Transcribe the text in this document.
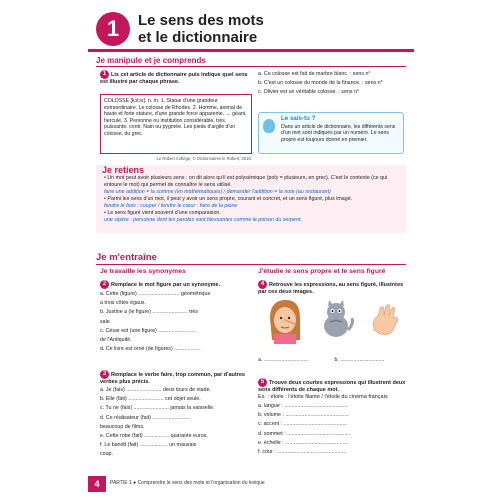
1	Le sens des mots
et le dictionnaire
Je manipule et je comprends
1 Lis cet article de dictionnaire puis indique quel sens est illustré par chaque phrase.
COLOSSE [kɔlɔs]. n. m. 1. Statue d'une grandeur extraordinaire. Le colosse de Rhodes. 2. Homme, animal de haute et forte stature, d'une grande force apparente. → géant, hercule. 3. Personne ou institution considérable, très puissante. contr. Nain ou pygmée. Les pieds d'argile d'un colosse, du grec.
Le Robert Collège, © Dictionnaires le Robert, 2016.
a. Ce colosse est fait de marbre blanc. : sens n°
b. C'est un colosse du monde de la finance. : sens n°
c. Olivier est un véritable colosse. : sens n°
Le sais-tu ?
Dans un article de dictionnaire, les différents sens d'un mot sont indiqués par un numéro. Le sens propre est toujours donné en premier.
Je retiens
• Un mot peut avoir plusieurs sens : on dit alors qu'il est polysémique (poly = plusieurs, en grec). C'est le contexte (ce qui entoure le mot) qui permet de connaître le sens utilisé.
faire une addition = la somme (en mathématiques) / demander l'addition = la note (au restaurant)
• Parmi les sens d'un mot, il peut y avoir un sens propre, courant et concret, et un sens figuré, plus imagé.
fendre le bois : couper / fendre le cœur : faire de la peine
• Le sens figuré vient souvent d'une comparaison.
une vipère : personne dont les paroles sont blessantes comme le poison du serpent.
Je m'entraîne
Je travaille les synonymes
2 Remplace le mot figure par un synonyme.
a. Cette (figure) ............................ géométrique
a trois côtés égaux.
b. Justine a (le figure) ........................ très
sale.
c. César est (une figure) ..........................
de l'Antiquité.
d. Ce livre est orné (de figures) ..................
3 Remplace le verbe faire, trop commun, par d'autres verbes plus précis.
a. Je (fais) ........................ deux tours de stade.
b. Elle (fait) ........................ cet objet seule.
c. Tu ne (fais) ........................ jamais la vaisselle.
d. Ce réalisateur (fait) ..........................
beaucoup de films.
e. Cette robe (fait) ................. quarante euros.
f. Le bandit (fait) ................... un mauvais
coup.
J'étudie le sens propre et le sens figuré
4 Retrouve les expressions, au sens figuré, illustrées par ces deux images.
a. ..............................	b. ..............................
5 Trouve deux courtes expressions qui illustrent deux sens différents de chaque mot.
Ex. : étoile : l'étoile filante / l'étoile du cinéma français
a. langue : ...........................................
b. volume : ...........................................
c. accent : ...........................................
d. sommet : ...........................................
e. échelle : ...........................................
f. cour : ...............................................
4	PARTIE 1 ● Comprendre le sens des mots et l'organisation du lexique
